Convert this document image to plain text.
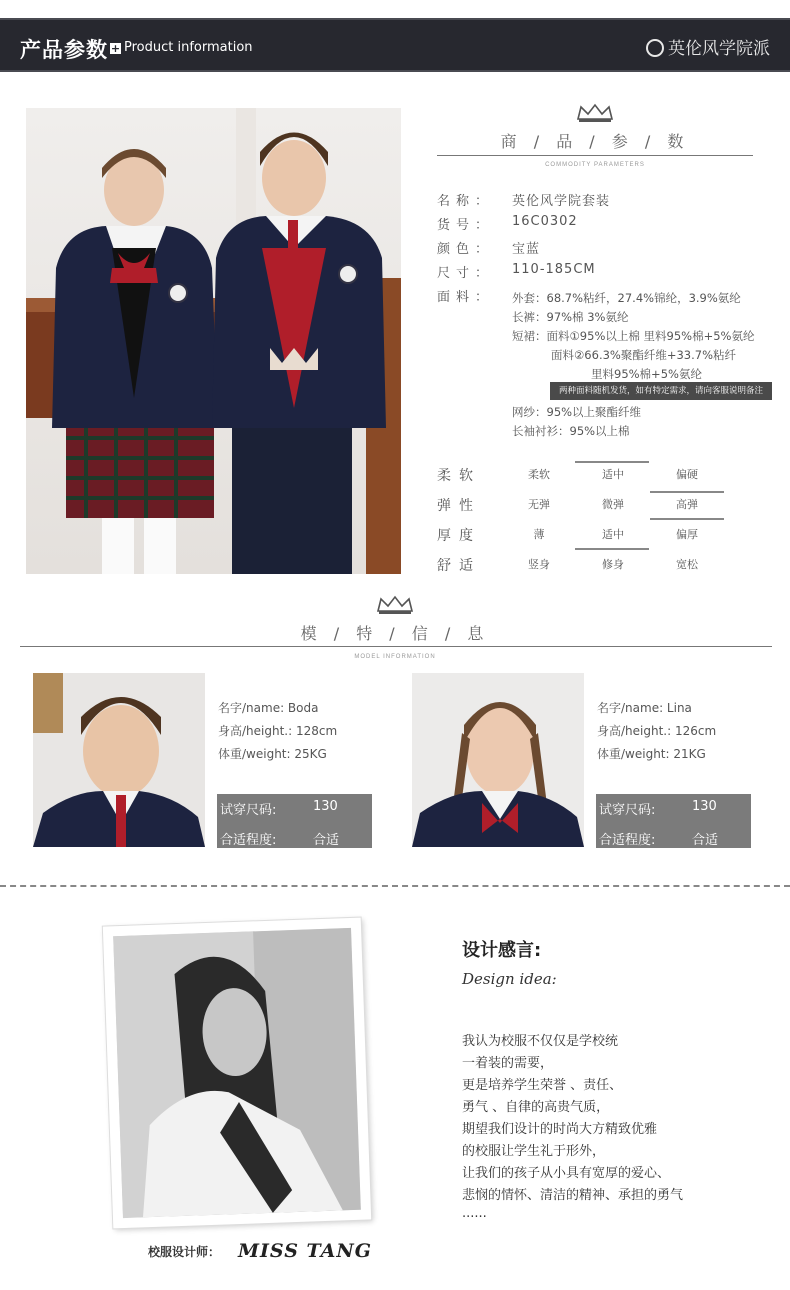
产品参数 + Product information	英伦风学院派
商 / 品 / 参 / 数
COMMODITY PARAMETERS
名称： 英伦风学院套装
货号： 16C0302
颜色： 宝蓝
尺寸： 110-185CM
面料：	外套：68.7%粘纤，27.4%锦纶，3.9%氨纶
长裤：97%棉 3%氨纶
短裙：面料①95%以上棉 里料95%棉+5%氨纶
面料②66.3%聚酯纤维+33.7%粘纤
里料95%棉+5%氨纶
两种面料随机发货，如有特定需求，请向客服说明备注
网纱：95%以上聚酯纤维
长袖衬衫：95%以上棉
柔软	柔软	适中	偏硬
弹性	无弹	微弹	高弹
厚度	薄	适中	偏厚
舒适	竖身	修身	宽松
模 / 特 / 信 / 息
MODEL INFORMATION
名字/name: Boda
身高/height.: 128cm
体重/weight: 25KG
试穿尺码:	130
合适程度:	合适
名字/name: Lina
身高/height.: 126cm
体重/weight: 21KG
试穿尺码:	130
合适程度:	合适
校服设计师： MISS TANG
设计感言:
Design idea:
我认为校服不仅仅是学校统
一着装的需要，
更是培养学生荣誉 、责任、
勇气 、自律的高贵气质，
期望我们设计的时尚大方精致优雅
的校服让学生礼于形外，
让我们的孩子从小具有宽厚的爱心、
悲悯的情怀、清洁的精神、承担的勇气
......
